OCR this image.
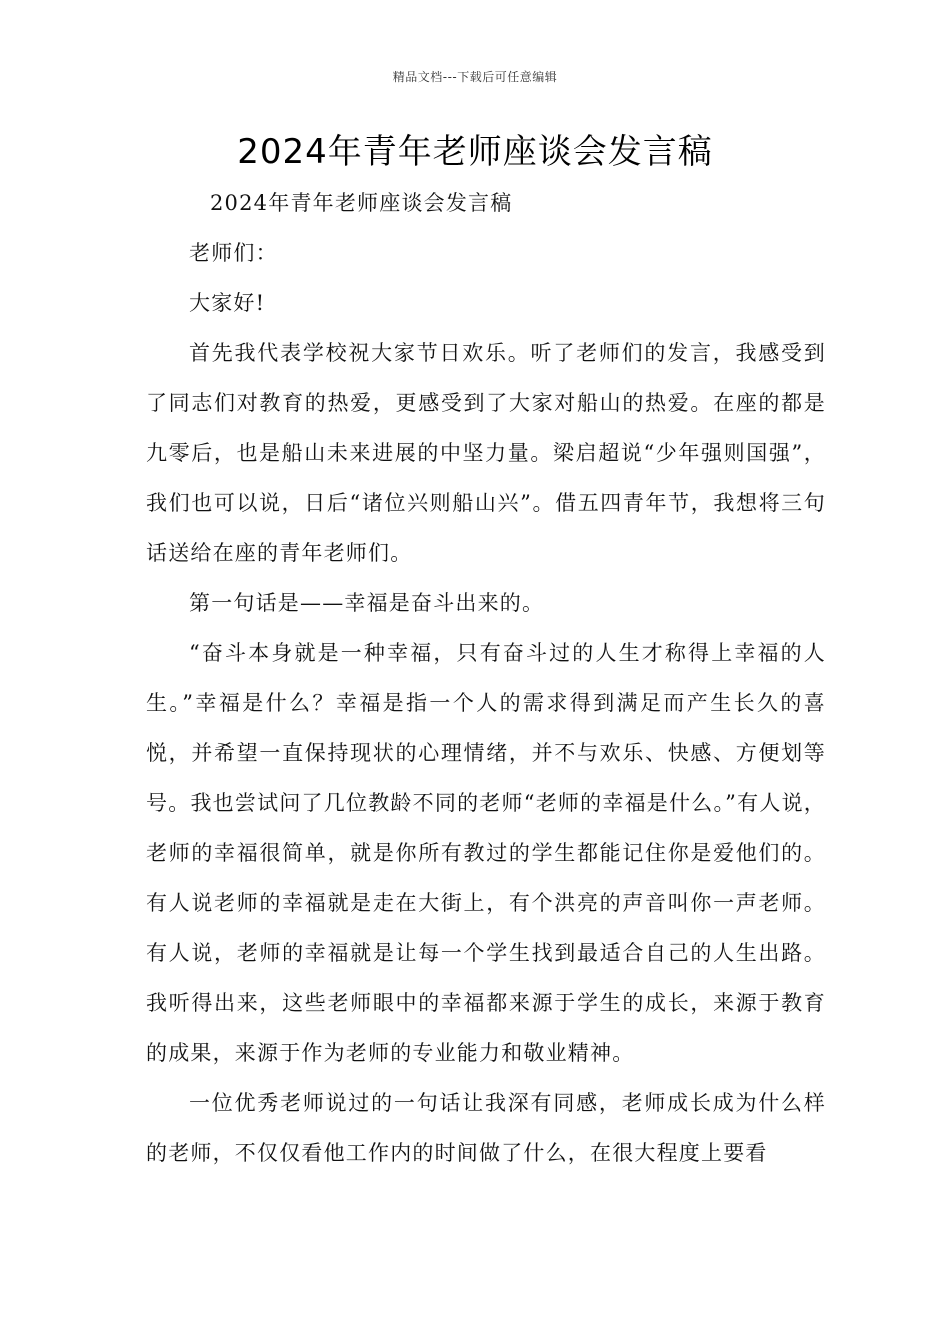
精品文档---下载后可任意编辑
2024年青年老师座谈会发言稿

2024年青年老师座谈会发言稿

老师们：

大家好!

首先我代表学校祝大家节日欢乐。听了老师们的发言，我感受到了同志们对教育的热爱，更感受到了大家对船山的热爱。在座的都是九零后，也是船山未来进展的中坚力量。梁启超说“少年强则国强”，我们也可以说，日后“诸位兴则船山兴”。借五四青年节，我想将三句话送给在座的青年老师们。

第一句话是——幸福是奋斗出来的。

“奋斗本身就是一种幸福，只有奋斗过的人生才称得上幸福的人生。”幸福是什么？幸福是指一个人的需求得到满足而产生长久的喜悦，并希望一直保持现状的心理情绪，并不与欢乐、快感、方便划等号。我也尝试问了几位教龄不同的老师“老师的幸福是什么。”有人说，老师的幸福很简单，就是你所有教过的学生都能记住你是爱他们的。有人说老师的幸福就是走在大街上，有个洪亮的声音叫你一声老师。有人说，老师的幸福就是让每一个学生找到最适合自己的人生出路。我听得出来，这些老师眼中的幸福都来源于学生的成长，来源于教育的成果，来源于作为老师的专业能力和敬业精神。

一位优秀老师说过的一句话让我深有同感，老师成长成为什么样的老师，不仅仅看他工作内的时间做了什么，在很大程度上要看
